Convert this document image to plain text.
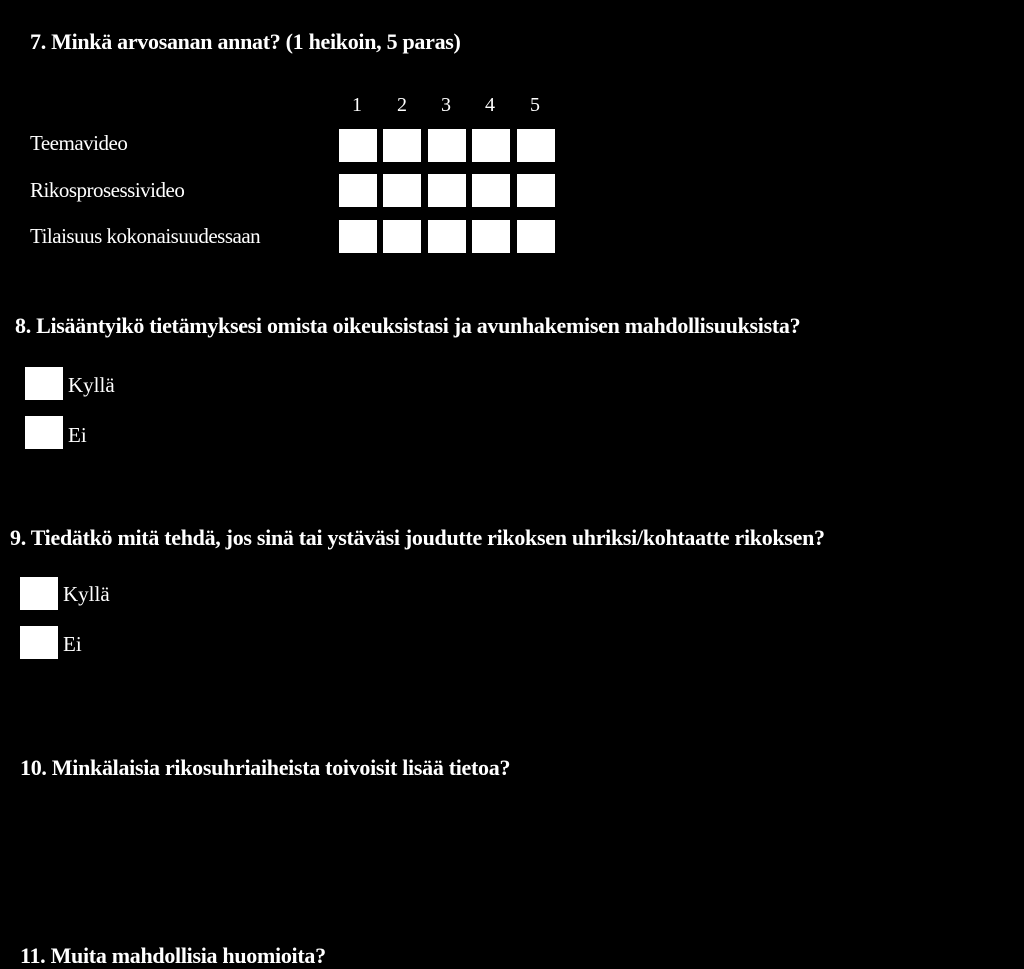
7. Minkä arvosanan annat? (1 heikoin, 5 paras)
1	2	3	4	5
Teemavideo
Rikosprosessivideo
Tilaisuus kokonaisuudessaan
8. Lisääntyikö tietämyksesi omista oikeuksistasi ja avunhakemisen mahdollisuuksista?
Kyllä
Ei
9. Tiedätkö mitä tehdä, jos sinä tai ystäväsi joudutte rikoksen uhriksi/kohtaatte rikoksen?
Kyllä
Ei
10. Minkälaisia rikosuhriaiheista toivoisit lisää tietoa?
11. Muita mahdollisia huomioita?
